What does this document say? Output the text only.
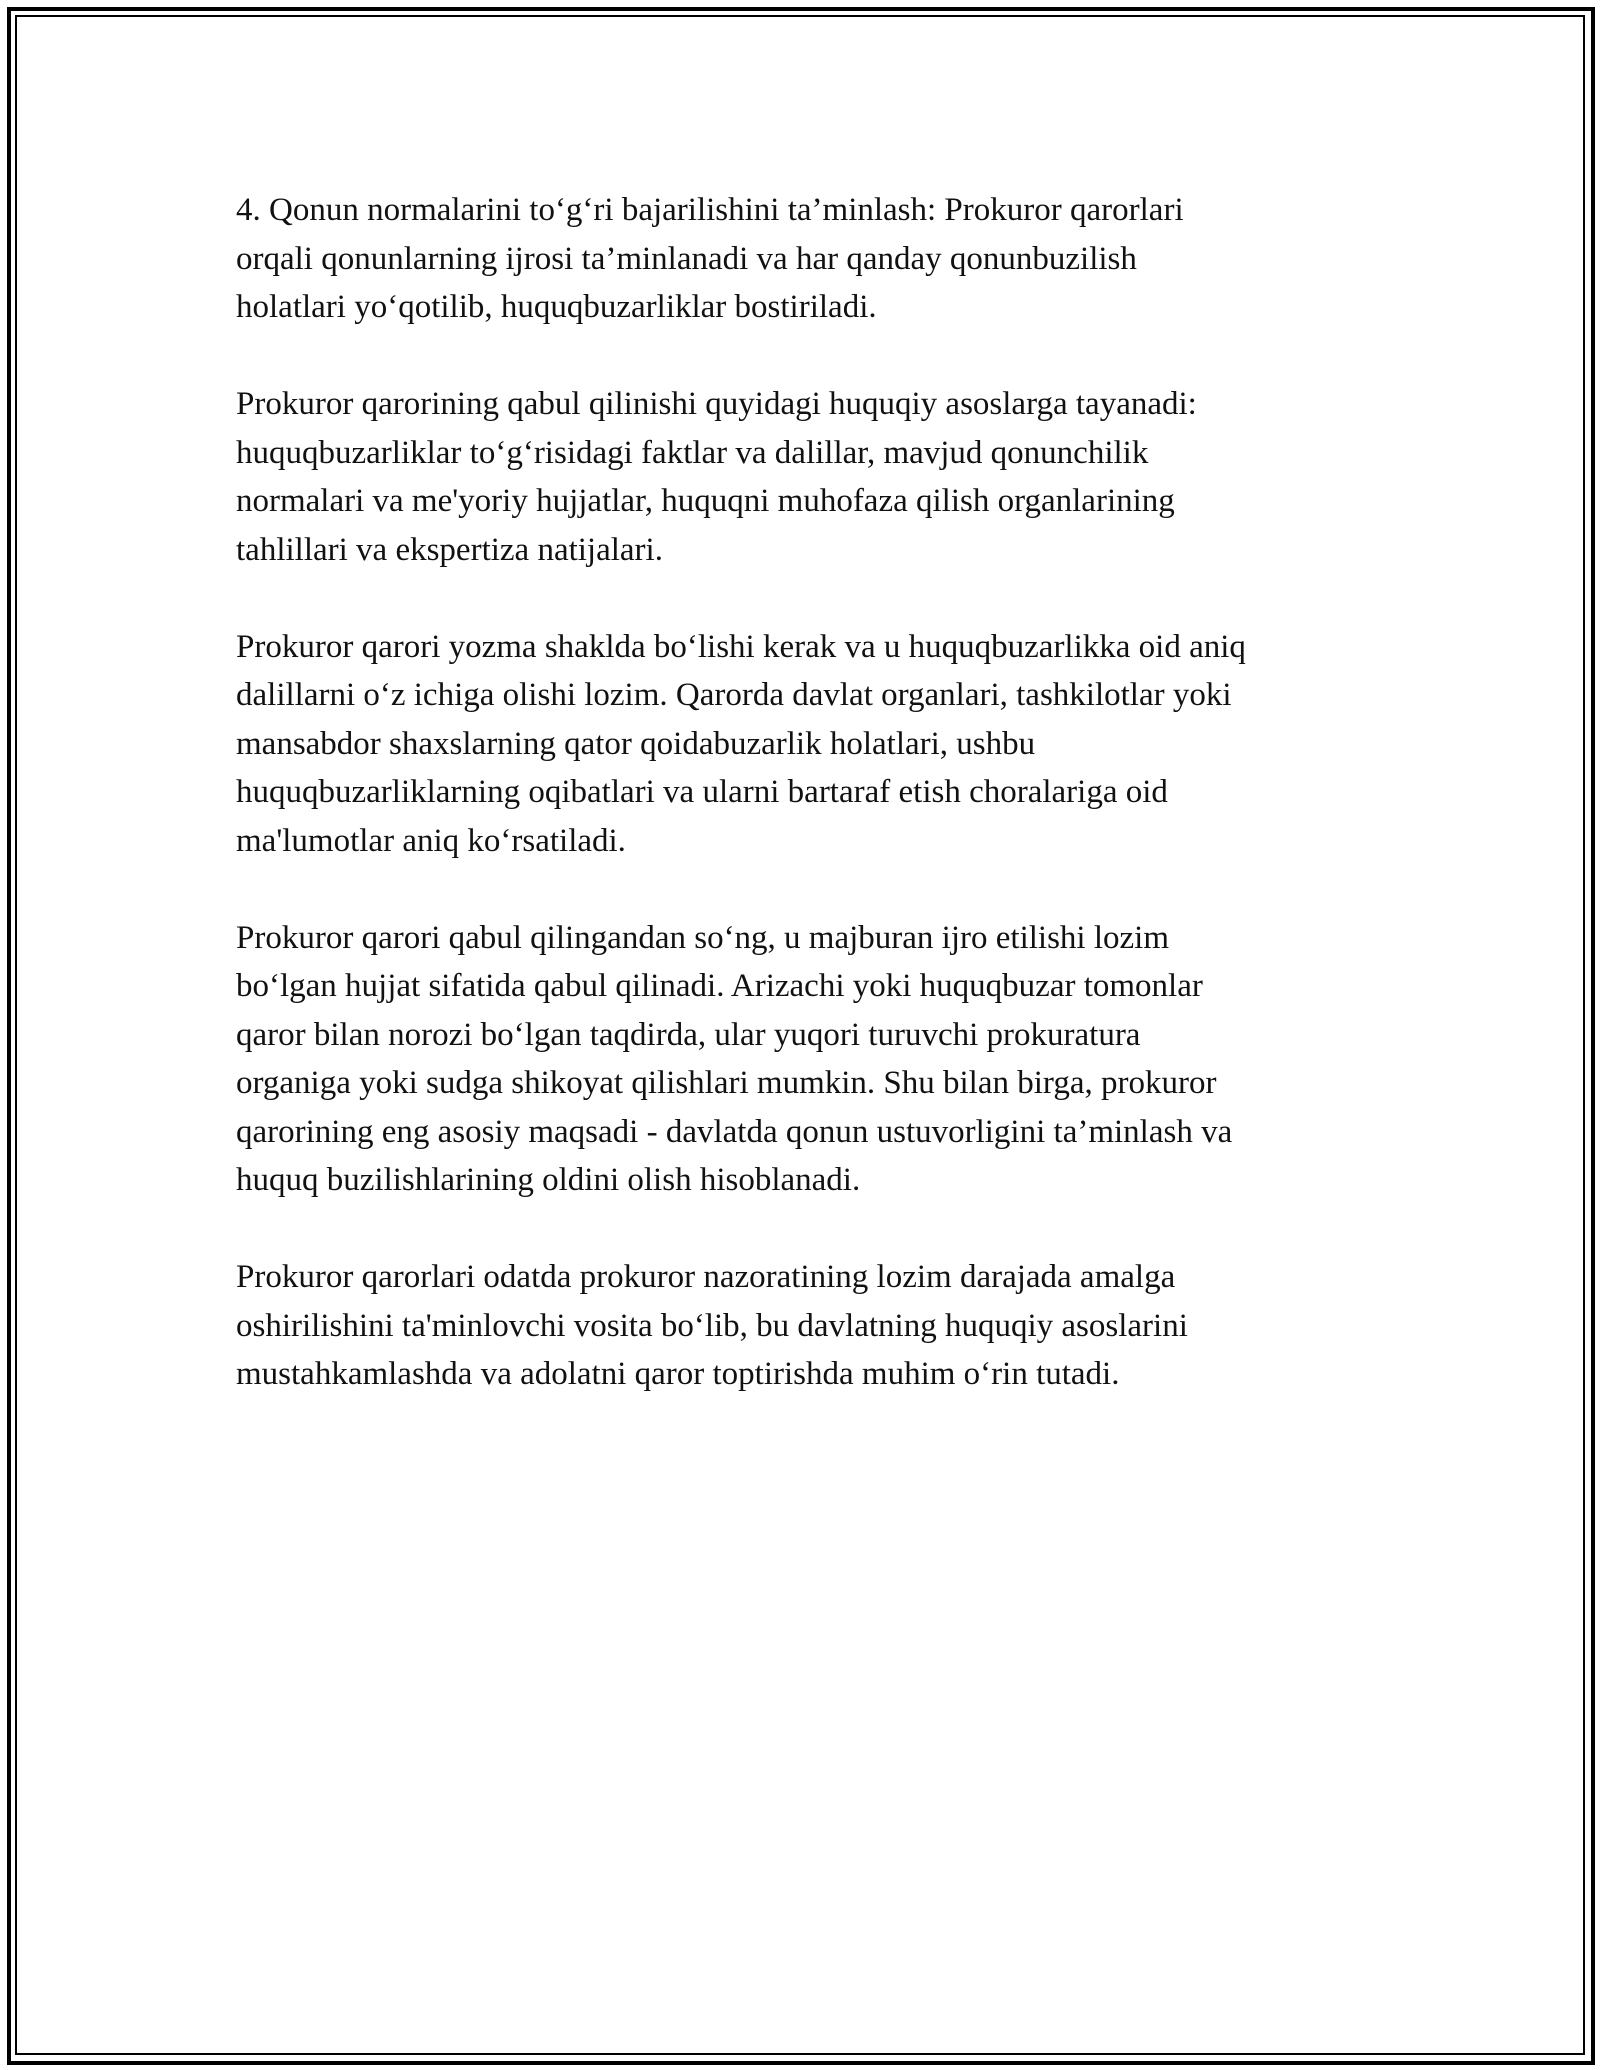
4. Qonun normalarini to‘g‘ri bajarilishini ta’minlash: Prokuror qarorlari
orqali qonunlarning ijrosi ta’minlanadi va har qanday qonunbuzilish
holatlari yo‘qotilib, huquqbuzarliklar bostiriladi.

Prokuror qarorining qabul qilinishi quyidagi huquqiy asoslarga tayanadi:
huquqbuzarliklar to‘g‘risidagi faktlar va dalillar, mavjud qonunchilik
normalari va me'yoriy hujjatlar, huquqni muhofaza qilish organlarining
tahlillari va ekspertiza natijalari.

Prokuror qarori yozma shaklda bo‘lishi kerak va u huquqbuzarlikka oid aniq
dalillarni o‘z ichiga olishi lozim. Qarorda davlat organlari, tashkilotlar yoki
mansabdor shaxslarning qator qoidabuzarlik holatlari, ushbu
huquqbuzarliklarning oqibatlari va ularni bartaraf etish choralariga oid
ma'lumotlar aniq ko‘rsatiladi.

Prokuror qarori qabul qilingandan so‘ng, u majburan ijro etilishi lozim
bo‘lgan hujjat sifatida qabul qilinadi. Arizachi yoki huquqbuzar tomonlar
qaror bilan norozi bo‘lgan taqdirda, ular yuqori turuvchi prokuratura
organiga yoki sudga shikoyat qilishlari mumkin. Shu bilan birga, prokuror
qarorining eng asosiy maqsadi - davlatda qonun ustuvorligini ta’minlash va
huquq buzilishlarining oldini olish hisoblanadi.

Prokuror qarorlari odatda prokuror nazoratining lozim darajada amalga
oshirilishini ta'minlovchi vosita bo‘lib, bu davlatning huquqiy asoslarini
mustahkamlashda va adolatni qaror toptirishda muhim o‘rin tutadi.
